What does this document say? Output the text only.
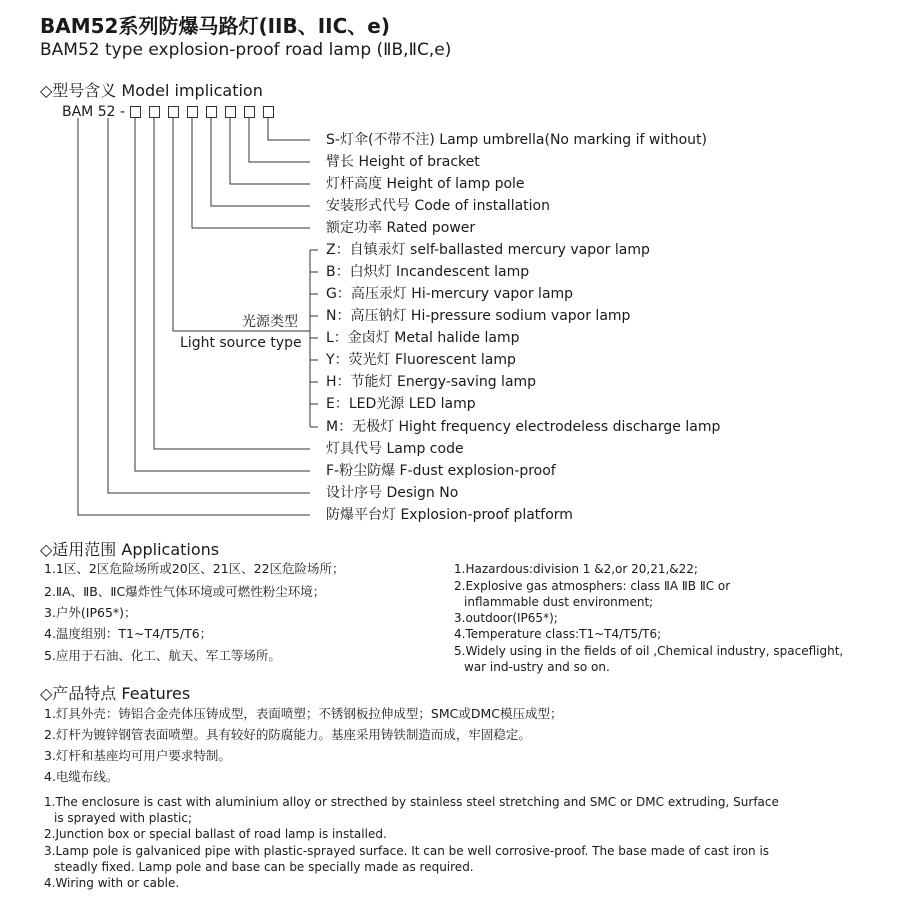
BAM52系列防爆马路灯(IIB、IIC、e)
BAM52 type explosion-proof road lamp (ⅡB,ⅡC,e)
◇型号含义 Model implication
BAM 52 -
S-灯伞(不带不注) Lamp umbrella(No marking if without)
臂长 Height of bracket
灯杆高度 Height of lamp pole
安装形式代号 Code of installation
额定功率 Rated power
Z：自镇汞灯 self-ballasted mercury vapor lamp
B：白炽灯 Incandescent lamp
G：高压汞灯 Hi-mercury vapor lamp
N：高压钠灯 Hi-pressure sodium vapor lamp
L：金卤灯 Metal halide lamp
Y：荧光灯 Fluorescent lamp
H：节能灯 Energy-saving lamp
E：LED光源 LED lamp
M：无极灯 Hight frequency electrodeless discharge lamp
光源类型
Light source type
灯具代号 Lamp code
F-粉尘防爆 F-dust explosion-proof
设计序号 Design No
防爆平台灯 Explosion-proof platform
◇适用范围 Applications
1.1区、2区危险场所或20区、21区、22区危险场所；
2.ⅡA、ⅡB、ⅡC爆炸性气体环境或可燃性粉尘环境；
3.户外(IP65*)；
4.温度组别：T1~T4/T5/T6；
5.应用于石油、化工、航天、军工等场所。
1.Hazardous:division 1 &2,or 20,21,&22;
2.Explosive gas atmosphers: class ⅡA ⅡB ⅡC or
inflammable dust environment;
3.outdoor(IP65*);
4.Temperature class:T1~T4/T5/T6;
5.Widely using in the fields of oil ,Chemical industry, spaceflight,
war ind-ustry and so on.
◇产品特点 Features
1.灯具外壳：铸铝合金壳体压铸成型，表面喷塑；不锈钢板拉伸成型；SMC或DMC模压成型；
2.灯杆为镀锌钢管表面喷塑。具有较好的防腐能力。基座采用铸铁制造而成，牢固稳定。
3.灯杆和基座均可用户要求特制。
4.电缆布线。
1.The enclosure is cast with aluminium alloy or strecthed by stainless steel stretching and SMC or DMC extruding, Surface
is sprayed with plastic;
2.Junction box or special ballast of road lamp is installed.
3.Lamp pole is galvaniced pipe with plastic-sprayed surface. It can be well corrosive-proof. The base made of cast iron is
steadly fixed. Lamp pole and base can be specially made as required.
4.Wiring with or cable.
